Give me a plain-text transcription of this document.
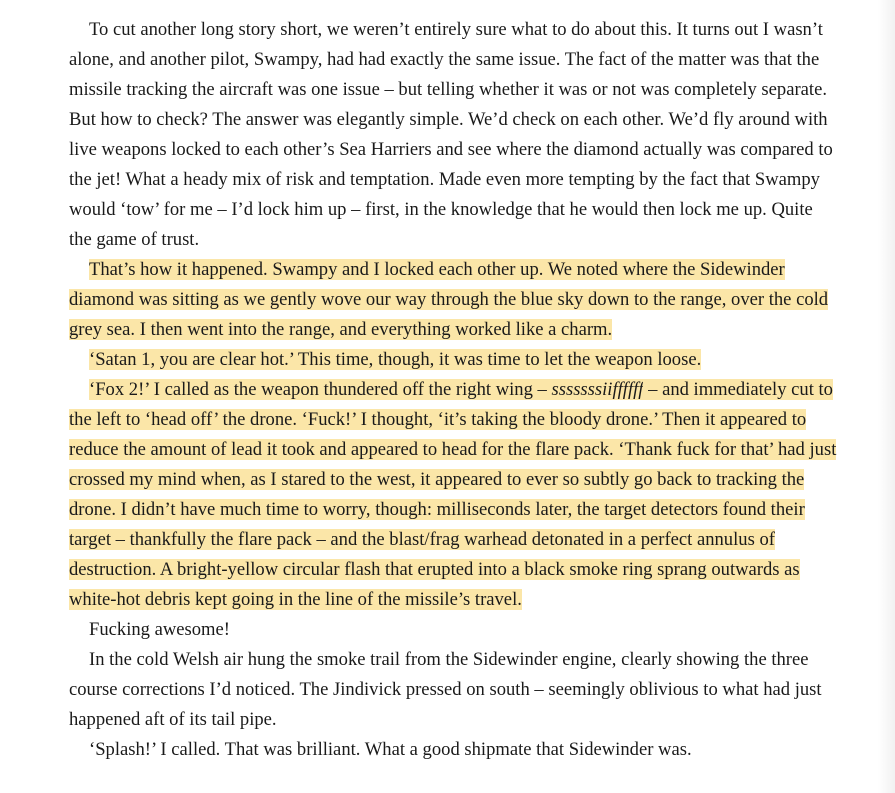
To cut another long story short, we weren’t entirely sure what to do about this. It turns out I wasn’t alone, and another pilot, Swampy, had had exactly the same issue. The fact of the matter was that the missile tracking the aircraft was one issue – but telling whether it was or not was completely separate. But how to check? The answer was elegantly simple. We’d check on each other. We’d fly around with live weapons locked to each other’s Sea Harriers and see where the diamond actually was compared to the jet! What a heady mix of risk and temptation. Made even more tempting by the fact that Swampy would ‘tow’ for me – I’d lock him up – first, in the knowledge that he would then lock me up. Quite the game of trust.

That’s how it happened. Swampy and I locked each other up. We noted where the Sidewinder diamond was sitting as we gently wove our way through the blue sky down to the range, over the cold grey sea. I then went into the range, and everything worked like a charm.

‘Satan 1, you are clear hot.’ This time, though, it was time to let the weapon loose.

‘Fox 2!’ I called as the weapon thundered off the right wing – sssssssiiffffff – and immediately cut to the left to ‘head off’ the drone. ‘Fuck!’ I thought, ‘it’s taking the bloody drone.’ Then it appeared to reduce the amount of lead it took and appeared to head for the flare pack. ‘Thank fuck for that’ had just crossed my mind when, as I stared to the west, it appeared to ever so subtly go back to tracking the drone. I didn’t have much time to worry, though: milliseconds later, the target detectors found their target – thankfully the flare pack – and the blast/frag warhead detonated in a perfect annulus of destruction. A bright-yellow circular flash that erupted into a black smoke ring sprang outwards as white-hot debris kept going in the line of the missile’s travel.

Fucking awesome!

In the cold Welsh air hung the smoke trail from the Sidewinder engine, clearly showing the three course corrections I’d noticed. The Jindivick pressed on south – seemingly oblivious to what had just happened aft of its tail pipe.

‘Splash!’ I called. That was brilliant. What a good shipmate that Sidewinder was.
